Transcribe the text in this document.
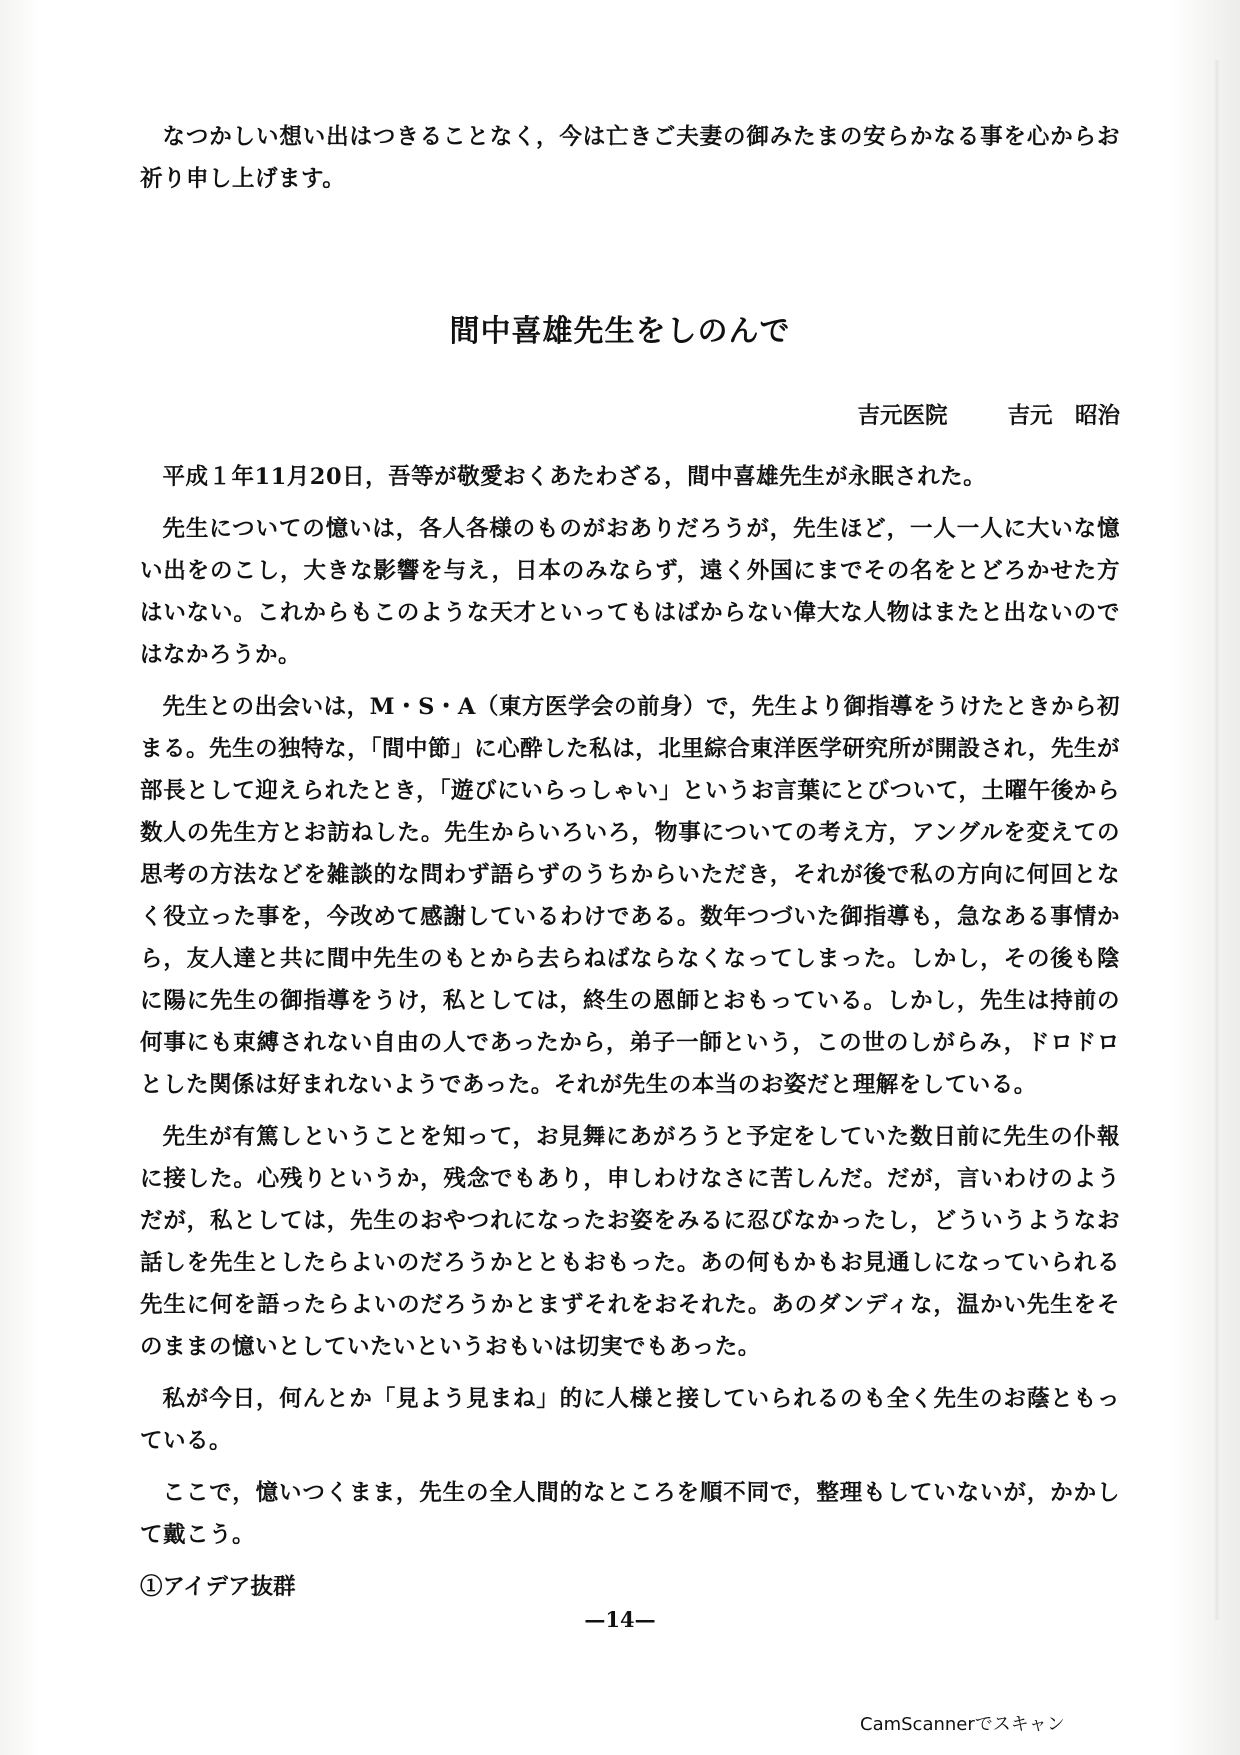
なつかしい想い出はつきることなく，今は亡きご夫妻の御みたまの安らかなる事を心からお祈り申し上げます。

間中喜雄先生をしのんで
吉元医院	吉元　昭治

平成１年11月20日，吾等が敬愛おくあたわざる，間中喜雄先生が永眠された。

先生についての憶いは，各人各様のものがおありだろうが，先生ほど，一人一人に大いな憶い出をのこし，大きな影響を与え，日本のみならず，遠く外国にまでその名をとどろかせた方はいない。これからもこのような天才といってもはばからない偉大な人物はまたと出ないのではなかろうか。

先生との出会いは，M・S・A（東方医学会の前身）で，先生より御指導をうけたときから初まる。先生の独特な，「間中節」に心酔した私は，北里綜合東洋医学研究所が開設され，先生が部長として迎えられたとき，「遊びにいらっしゃい」というお言葉にとびついて，土曜午後から数人の先生方とお訪ねした。先生からいろいろ，物事についての考え方，アングルを変えての思考の方法などを雑談的な問わず語らずのうちからいただき，それが後で私の方向に何回となく役立った事を，今改めて感謝しているわけである。数年つづいた御指導も，急なある事情から，友人達と共に間中先生のもとから去らねばならなくなってしまった。しかし，その後も陰に陽に先生の御指導をうけ，私としては，終生の恩師とおもっている。しかし，先生は持前の何事にも束縛されない自由の人であったから，弟子一師という，この世のしがらみ，ドロドロとした関係は好まれないようであった。それが先生の本当のお姿だと理解をしている。

先生が有篤しということを知って，お見舞にあがろうと予定をしていた数日前に先生の仆報に接した。心残りというか，残念でもあり，申しわけなさに苦しんだ。だが，言いわけのようだが，私としては，先生のおやつれになったお姿をみるに忍びなかったし，どういうようなお話しを先生としたらよいのだろうかとともおもった。あの何もかもお見通しになっていられる先生に何を語ったらよいのだろうかとまずそれをおそれた。あのダンディな，温かい先生をそのままの憶いとしていたいというおもいは切実でもあった。

私が今日，何んとか「見よう見まね」的に人様と接していられるのも全く先生のお蔭ともっている。

ここで，憶いつくまま，先生の全人間的なところを順不同で，整理もしていないが，かかして戴こう。

①アイデア抜群

—14—
CamScannerでスキャン
